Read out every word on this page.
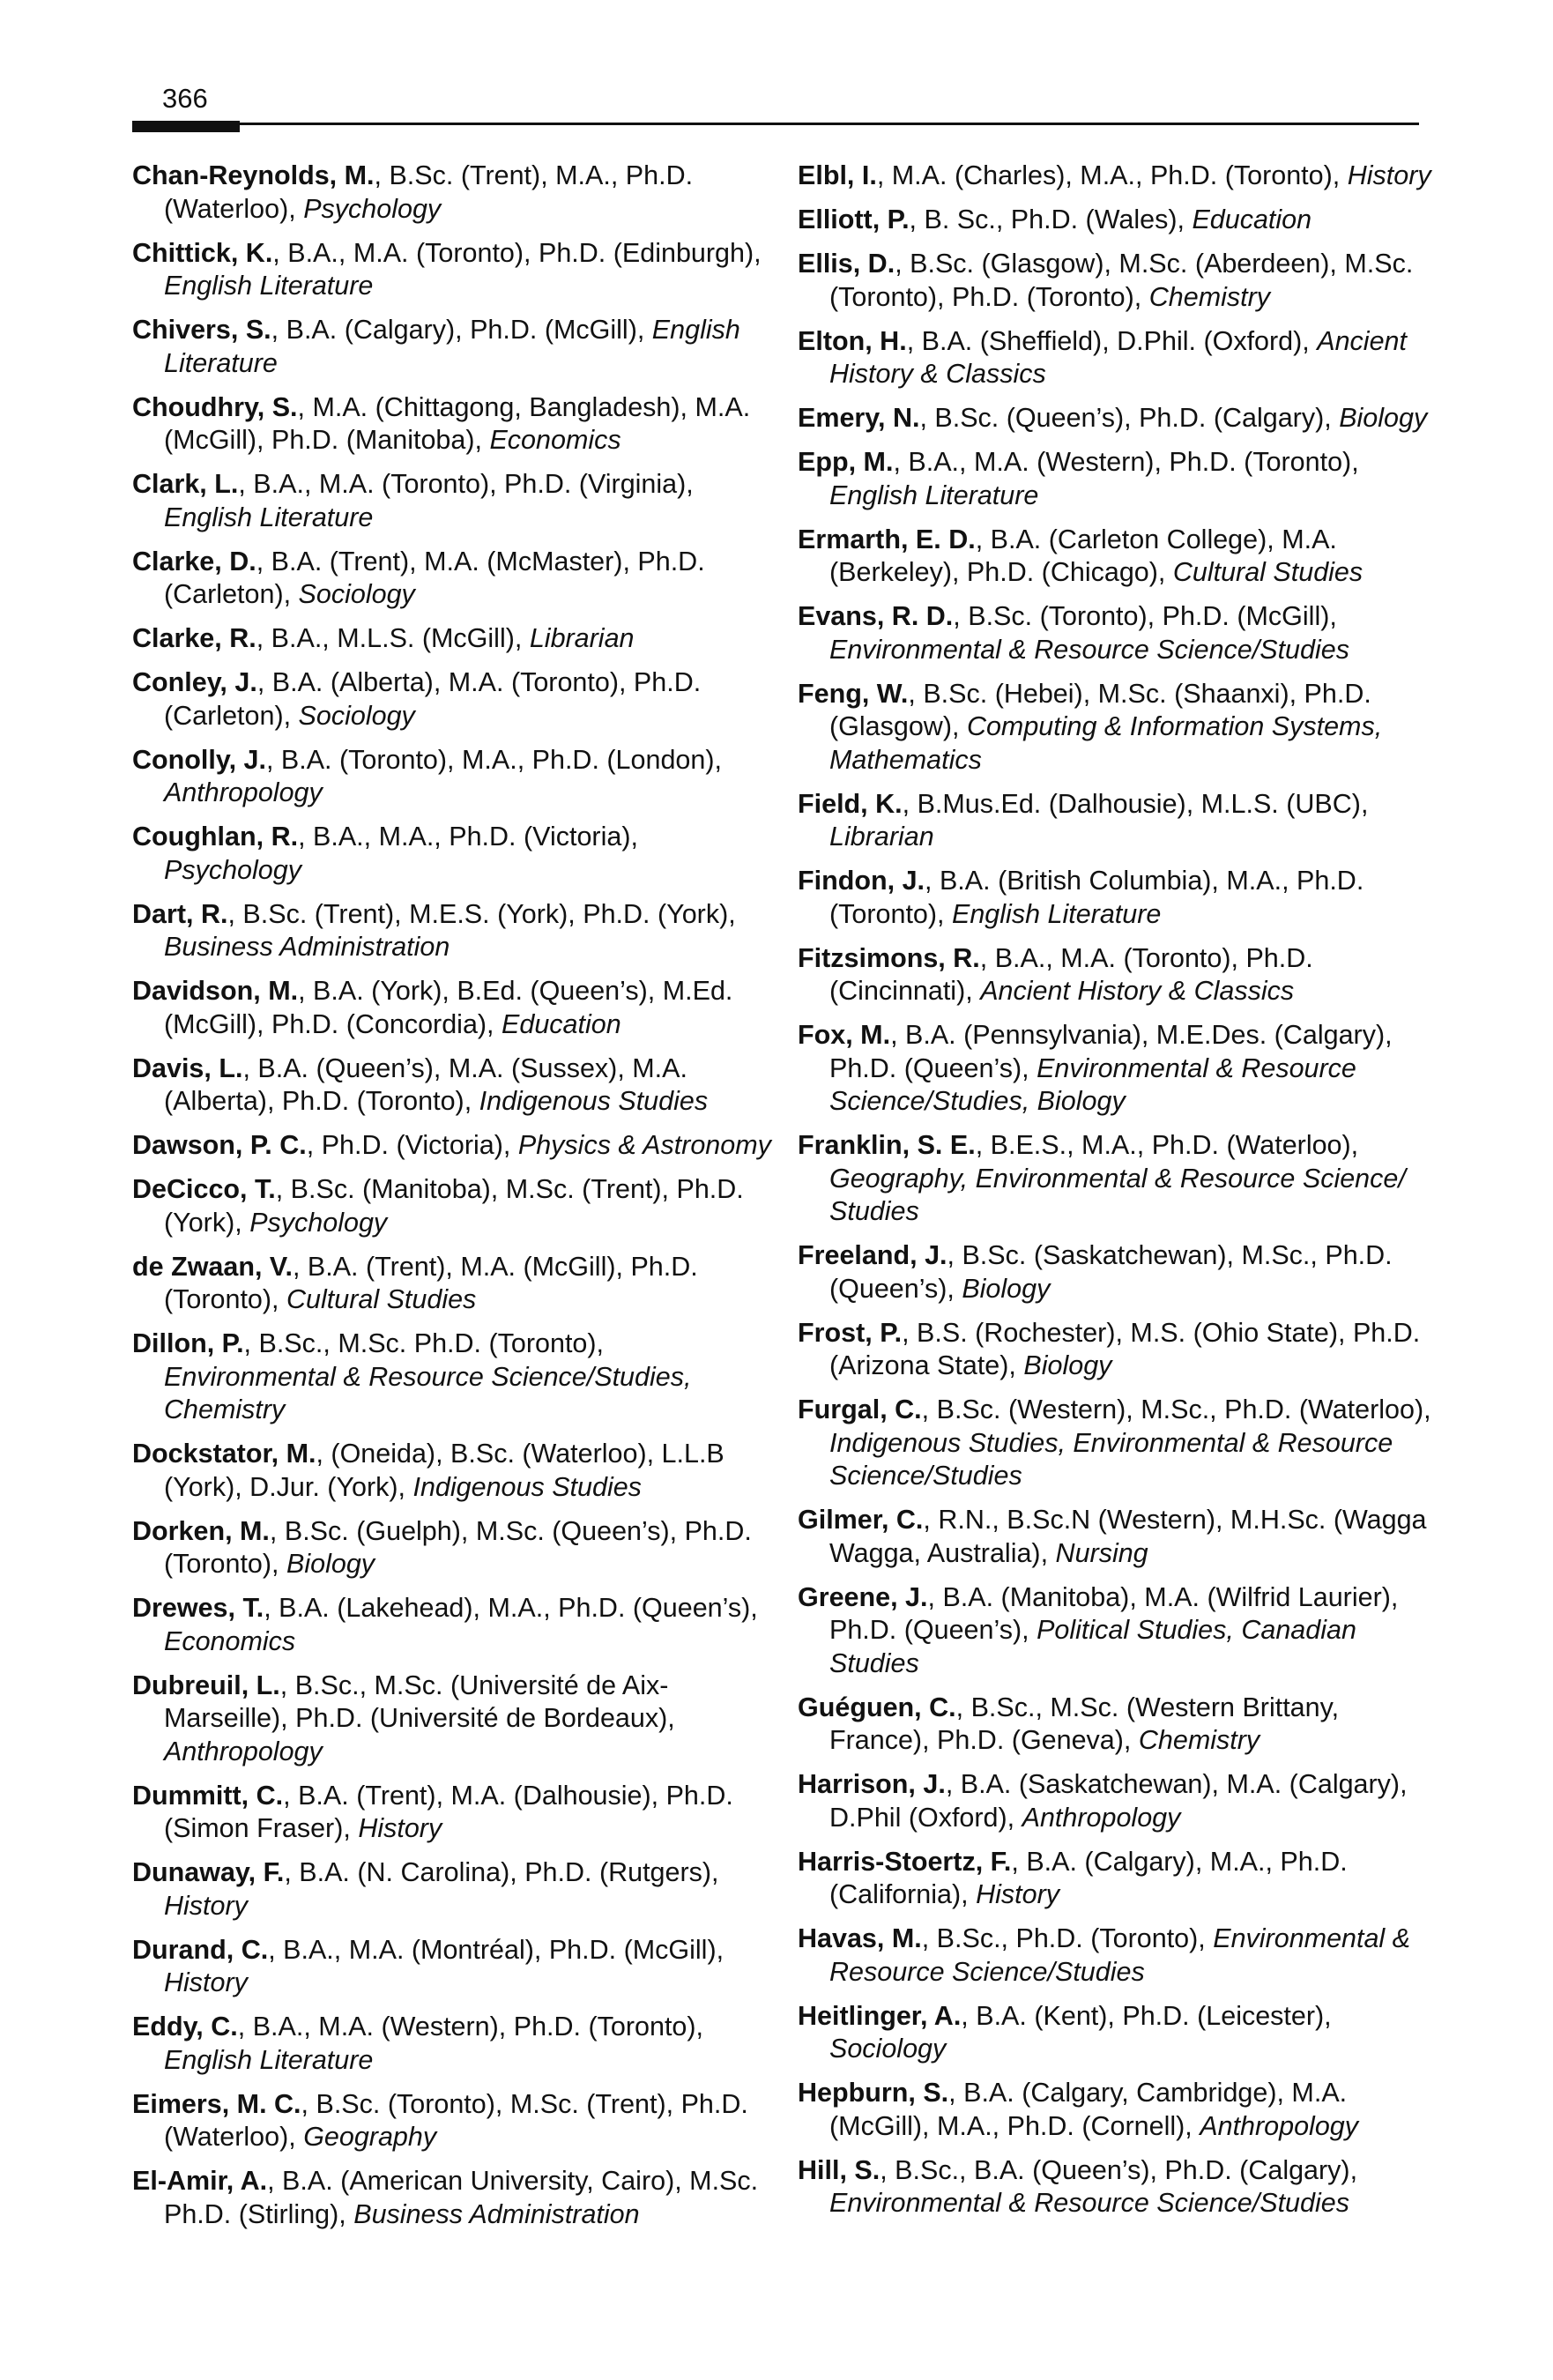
366

Chan-Reynolds, M., B.Sc. (Trent), M.A., Ph.D. (Waterloo), Psychology

Chittick, K., B.A., M.A. (Toronto), Ph.D. (Edinburgh), English Literature

Chivers, S., B.A. (Calgary), Ph.D. (McGill), English Literature

Choudhry, S., M.A. (Chittagong, Bangladesh), M.A. (McGill), Ph.D. (Manitoba), Economics

Clark, L., B.A., M.A. (Toronto), Ph.D. (Virginia), English Literature

Clarke, D., B.A. (Trent), M.A. (McMaster), Ph.D. (Carleton), Sociology

Clarke, R., B.A., M.L.S. (McGill), Librarian

Conley, J., B.A. (Alberta), M.A. (Toronto), Ph.D. (Carleton), Sociology

Conolly, J., B.A. (Toronto), M.A., Ph.D. (London), Anthropology

Coughlan, R., B.A., M.A., Ph.D. (Victoria), Psychology

Dart, R., B.Sc. (Trent), M.E.S. (York), Ph.D. (York), Business Administration

Davidson, M., B.A. (York), B.Ed. (Queen’s), M.Ed. (McGill), Ph.D. (Concordia), Education

Davis, L., B.A. (Queen’s), M.A. (Sussex), M.A. (Alberta), Ph.D. (Toronto), Indigenous Studies

Dawson, P. C., Ph.D. (Victoria), Physics & Astronomy

DeCicco, T., B.Sc. (Manitoba), M.Sc. (Trent), Ph.D. (York), Psychology

de Zwaan, V., B.A. (Trent), M.A. (McGill), Ph.D. (Toronto), Cultural Studies

Dillon, P., B.Sc., M.Sc. Ph.D. (Toronto), Environmental & Resource Science/Studies, Chemistry

Dockstator, M., (Oneida), B.Sc. (Waterloo), L.L.B (York), D.Jur. (York), Indigenous Studies

Dorken, M., B.Sc. (Guelph), M.Sc. (Queen’s), Ph.D. (Toronto), Biology

Drewes, T., B.A. (Lakehead), M.A., Ph.D. (Queen’s), Economics

Dubreuil, L., B.Sc., M.Sc. (Université de Aix-Marseille), Ph.D. (Université de Bordeaux), Anthropology

Dummitt, C., B.A. (Trent), M.A. (Dalhousie), Ph.D. (Simon Fraser), History

Dunaway, F., B.A. (N. Carolina), Ph.D. (Rutgers), History

Durand, C., B.A., M.A. (Montréal), Ph.D. (McGill), History

Eddy, C., B.A., M.A. (Western), Ph.D. (Toronto), English Literature

Eimers, M. C., B.Sc. (Toronto), M.Sc. (Trent), Ph.D. (Waterloo), Geography

El-Amir, A., B.A. (American University, Cairo), M.Sc. Ph.D. (Stirling), Business Administration

Elbl, I., M.A. (Charles), M.A., Ph.D. (Toronto), History

Elliott, P., B. Sc., Ph.D. (Wales), Education

Ellis, D., B.Sc. (Glasgow), M.Sc. (Aberdeen), M.Sc. (Toronto), Ph.D. (Toronto), Chemistry

Elton, H., B.A. (Sheffield), D.Phil. (Oxford), Ancient History & Classics

Emery, N., B.Sc. (Queen’s), Ph.D. (Calgary), Biology

Epp, M., B.A., M.A. (Western), Ph.D. (Toronto), English Literature

Ermarth, E. D., B.A. (Carleton College), M.A. (Berkeley), Ph.D. (Chicago), Cultural Studies

Evans, R. D., B.Sc. (Toronto), Ph.D. (McGill), Environmental & Resource Science/Studies

Feng, W., B.Sc. (Hebei), M.Sc. (Shaanxi), Ph.D. (Glasgow), Computing & Information Systems, Mathematics

Field, K., B.Mus.Ed. (Dalhousie), M.L.S. (UBC), Librarian

Findon, J., B.A. (British Columbia), M.A., Ph.D. (Toronto), English Literature

Fitzsimons, R., B.A., M.A. (Toronto), Ph.D. (Cincinnati), Ancient History & Classics

Fox, M., B.A. (Pennsylvania), M.E.Des. (Calgary), Ph.D. (Queen’s), Environmental & Resource Science/Studies, Biology

Franklin, S. E., B.E.S., M.A., Ph.D. (Waterloo), Geography, Environmental & Resource Science/ Studies

Freeland, J., B.Sc. (Saskatchewan), M.Sc., Ph.D. (Queen’s), Biology

Frost, P., B.S. (Rochester), M.S. (Ohio State), Ph.D. (Arizona State), Biology

Furgal, C., B.Sc. (Western), M.Sc., Ph.D. (Waterloo), Indigenous Studies, Environmental & Resource Science/Studies

Gilmer, C., R.N., B.Sc.N (Western), M.H.Sc. (Wagga Wagga, Australia), Nursing

Greene, J., B.A. (Manitoba), M.A. (Wilfrid Laurier), Ph.D. (Queen’s), Political Studies, Canadian Studies

Guéguen, C., B.Sc., M.Sc. (Western Brittany, France), Ph.D. (Geneva), Chemistry

Harrison, J., B.A. (Saskatchewan), M.A. (Calgary), D.Phil (Oxford), Anthropology

Harris-Stoertz, F., B.A. (Calgary), M.A., Ph.D. (California), History

Havas, M., B.Sc., Ph.D. (Toronto), Environmental & Resource Science/Studies

Heitlinger, A., B.A. (Kent), Ph.D. (Leicester), Sociology

Hepburn, S., B.A. (Calgary, Cambridge), M.A. (McGill), M.A., Ph.D. (Cornell), Anthropology

Hill, S., B.Sc., B.A. (Queen’s), Ph.D. (Calgary), Environmental & Resource Science/Studies
